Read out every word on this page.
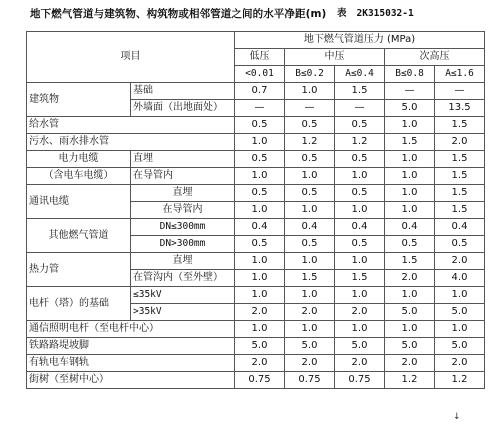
地下燃气管道与建筑物、构筑物或相邻管道之间的水平净距(m) 表 2K315032-1
项目		地下燃气管道压力 (MPa)				
		低压	中压		次高压	
		<0.01	B≤0.2	A≤0.4	B≤0.8	A≤1.6
建筑物	基础	0.7	1.0	1.5	—	—
	外墙面（出地面处）	—	—	—	5.0	13.5
给水管		0.5	0.5	0.5	1.0	1.5
污水、雨水排水管		1.0	1.2	1.2	1.5	2.0
电力电缆	直埋	0.5	0.5	0.5	1.0	1.5
（含电车电缆）	在导管内	1.0	1.0	1.0	1.0	1.5
通讯电缆	直埋	0.5	0.5	0.5	1.0	1.5
	在导管内	1.0	1.0	1.0	1.0	1.5
其他燃气管道	DN≤300mm	0.4	0.4	0.4	0.4	0.4
	DN>300mm	0.5	0.5	0.5	0.5	0.5
热力管	直埋	1.0	1.0	1.0	1.5	2.0
	在管沟内（至外壁）	1.0	1.5	1.5	2.0	4.0
电杆（塔）的基础	≤35kV	1.0	1.0	1.0	1.0	1.0
	>35kV	2.0	2.0	2.0	5.0	5.0
通信照明电杆（至电杆中心）		1.0	1.0	1.0	1.0	1.0
铁路路堤坡脚		5.0	5.0	5.0	5.0	5.0
有轨电车钢轨		2.0	2.0	2.0	2.0	2.0
街树（至树中心）		0.75	0.75	0.75	1.2	1.2
↓
